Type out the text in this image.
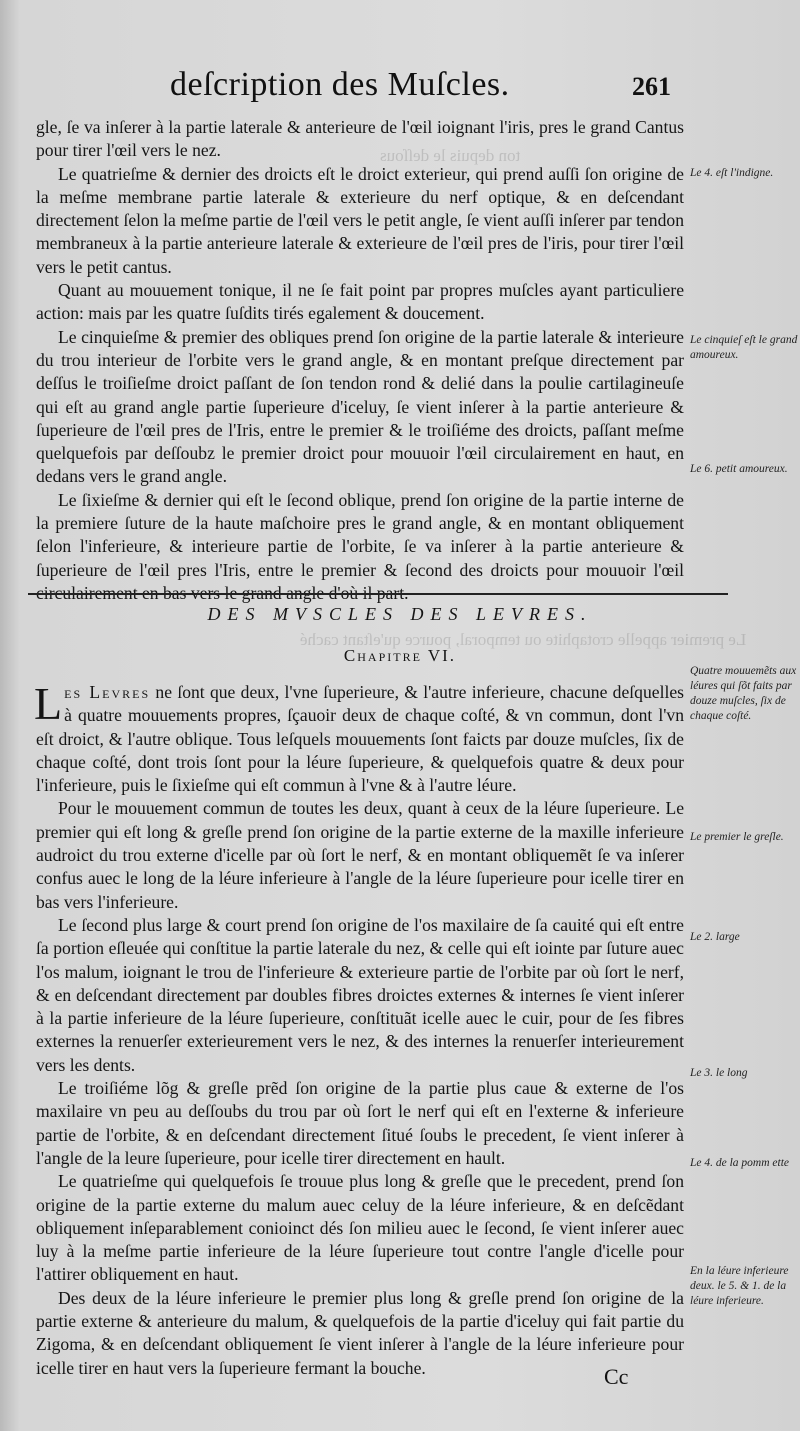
ton depuis le deſſous
Le premier appelle crotaphite ou temporal, pource qu'eſtant caché
deſcription des Muſcles.	261

gle, ſe va inſerer à la partie laterale & anterieure de l'œil ioignant l'iris, pres le grand Cantus pour tirer l'œil vers le nez.

Le quatrieſme & dernier des droicts eſt le droict exterieur, qui prend auſſi ſon origine de la meſme membrane partie laterale & exterieure du nerf optique, & en deſcendant directement ſelon la meſme partie de l'œil vers le petit angle, ſe vient auſſi inſerer par tendon membraneux à la partie anterieure laterale & exterieure de l'œil pres de l'iris, pour tirer l'œil vers le petit cantus.

Quant au mouuement tonique, il ne ſe fait point par propres muſcles ayant particuliere action: mais par les quatre ſuſdits tirés egalement & doucement.

Le cinquieſme & premier des obliques prend ſon origine de la partie laterale & interieure du trou interieur de l'orbite vers le grand angle, & en montant preſque directement par deſſus le troiſieſme droict paſſant de ſon tendon rond & delié dans la poulie cartilagineuſe qui eſt au grand angle partie ſuperieure d'iceluy, ſe vient inſerer à la partie anterieure & ſuperieure de l'œil pres de l'Iris, entre le premier & le troiſiéme des droicts, paſſant meſme quelquefois par deſſoubz le premier droict pour mouuoir l'œil circulairement en haut, en dedans vers le grand angle.

Le ſixieſme & dernier qui eſt le ſecond oblique, prend ſon origine de la partie interne de la premiere ſuture de la haute maſchoire pres le grand angle, & en montant obliquement ſelon l'inferieure, & interieure partie de l'orbite, ſe va inſerer à la partie anterieure & ſuperieure de l'œil pres l'Iris, entre le premier & ſecond des droicts pour mouuoir l'œil circulairement en bas vers le grand angle d'où il part.

DES MVSCLES DES LEVRES.
Chapitre VI.

Les Levres ne ſont que deux, l'vne ſuperieure, & l'autre inferieure, chacune deſquelles à quatre mouuements propres, ſçauoir deux de chaque coſté, & vn commun, dont l'vn eſt droict, & l'autre oblique. Tous leſquels mouuements ſont faicts par douze muſcles, ſix de chaque coſté, dont trois ſont pour la léure ſuperieure, & quelquefois quatre & deux pour l'inferieure, puis le ſixieſme qui eſt commun à l'vne & à l'autre léure.

Pour le mouuement commun de toutes les deux, quant à ceux de la léure ſuperieure. Le premier qui eſt long & greſle prend ſon origine de la partie externe de la maxille inferieure audroict du trou externe d'icelle par où ſort le nerf, & en montant obliquemẽt ſe va inſerer confus auec le long de la léure inferieure à l'angle de la léure ſuperieure pour icelle tirer en bas vers l'inferieure.

Le ſecond plus large & court prend ſon origine de l'os maxilaire de ſa cauité qui eſt entre ſa portion eſleuée qui conſtitue la partie laterale du nez, & celle qui eſt iointe par ſuture auec l'os malum, ioignant le trou de l'inferieure & exterieure partie de l'orbite par où ſort le nerf, & en deſcendant directement par doubles fibres droictes externes & internes ſe vient inſerer à la partie inferieure de la léure ſuperieure, conſtituãt icelle auec le cuir, pour de ſes fibres externes la renuerſer exterieurement vers le nez, & des internes la renuerſer interieurement vers les dents.

Le troiſiéme lõg & greſle prẽd ſon origine de la partie plus caue & externe de l'os maxilaire vn peu au deſſoubs du trou par où ſort le nerf qui eſt en l'externe & inferieure partie de l'orbite, & en deſcendant directement ſitué ſoubs le precedent, ſe vient inſerer à l'angle de la leure ſuperieure, pour icelle tirer directement en hault.

Le quatrieſme qui quelquefois ſe trouue plus long & greſle que le precedent, prend ſon origine de la partie externe du malum auec celuy de la léure inferieure, & en deſcẽdant obliquement inſeparablement conioinct dés ſon milieu auec le ſecond, ſe vient inſerer auec luy à la meſme partie inferieure de la léure ſuperieure tout contre l'angle d'icelle pour l'attirer obliquement en haut.

Des deux de la léure inferieure le premier plus long & greſle prend ſon origine de la partie externe & anterieure du malum, & quelquefois de la partie d'iceluy qui fait partie du Zigoma, & en deſcendant obliquement ſe vient inſerer à l'angle de la léure inferieure pour icelle tirer en haut vers la ſuperieure fermant la bouche.

Le 4. eſt l'indigne.
Le cinquieſ eſt le grand amoureux.
Le 6. petit amoureux.
Quatre mouuemẽts aux léures qui ſõt faits par douze muſcles, ſix de chaque coſté.
Le premier le greſle.
Le 2. large
Le 3. le long
Le 4. de la pomm ette
En la léure inferieure deux. le 5. & 1. de la léure inferieure.
Cc
